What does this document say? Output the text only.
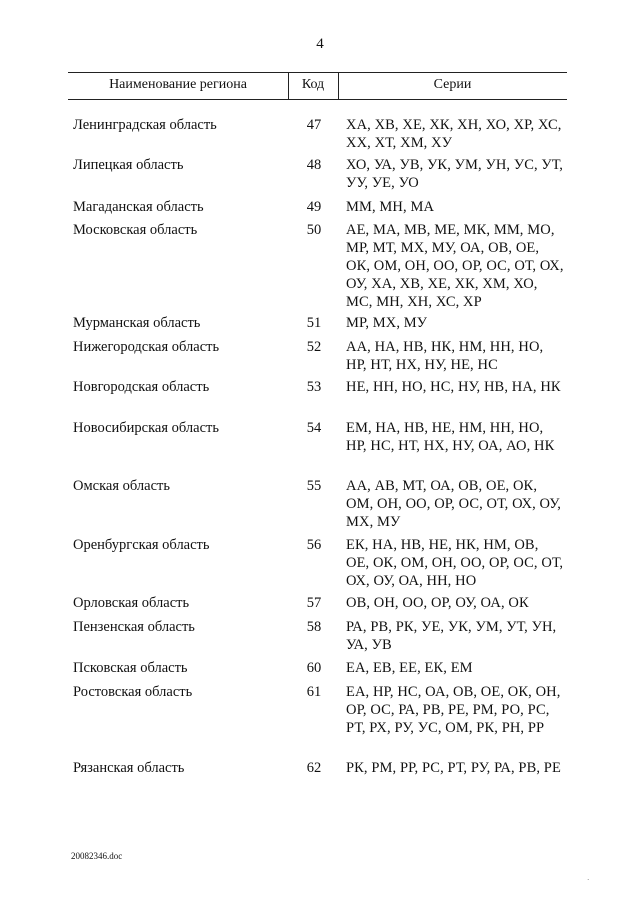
4
Наименование региона	Код	Серии
Ленинградская область	47	ХА, ХВ, ХЕ, ХК, ХН, ХО, ХР, ХС, ХХ, ХТ, ХМ, ХУ
Липецкая область	48	ХО, УА, УВ, УК, УМ, УН, УС, УТ, УУ, УЕ, УО
Магаданская область	49	ММ, МН, МА
Московская область	50	АЕ, МА, МВ, МЕ, МК, ММ, МО, МР, МТ, МХ, МУ, ОА, ОВ, ОЕ, ОК, ОМ, ОН, ОО, ОР, ОС, ОТ, ОХ, ОУ, ХА, ХВ, ХЕ, ХК, ХМ, ХО, МС, МН, ХН, ХС, ХР
Мурманская область	51	МР, МХ, МУ
Нижегородская область	52	АА, НА, НВ, НК, НМ, НН, НО, НР, НТ, НХ, НУ, НЕ, НС
Новгородская область	53	НЕ, НН, НО, НС, НУ, НВ, НА, НК
Новосибирская область	54	ЕМ, НА, НВ, НЕ, НМ, НН, НО, НР, НС, НТ, НХ, НУ, ОА, АО, НК
Омская область	55	АА, АВ, МТ, ОА, ОВ, ОЕ, ОК, ОМ, ОН, ОО, ОР, ОС, ОТ, ОХ, ОУ, МХ, МУ
Оренбургская область	56	ЕК, НА, НВ, НЕ, НК, НМ, ОВ, ОЕ, ОК, ОМ, ОН, ОО, ОР, ОС, ОТ, ОХ, ОУ, ОА, НН, НО
Орловская область	57	ОВ, ОН, ОО, ОР, ОУ, ОА, ОК
Пензенская область	58	РА, РВ, РК, УЕ, УК, УМ, УТ, УН, УА, УВ
Псковская область	60	ЕА, ЕВ, ЕЕ, ЕК, ЕМ
Ростовская область	61	ЕА, НР, НС, ОА, ОВ, ОЕ, ОК, ОН, ОР, ОС, РА, РВ, РЕ, РМ, РО, РС, РТ, РХ, РУ, УС, ОМ, РК, РН, РР
Рязанская область	62	РК, РМ, РР, РС, РТ, РУ, РА, РВ, РЕ
20082346.doc
·
